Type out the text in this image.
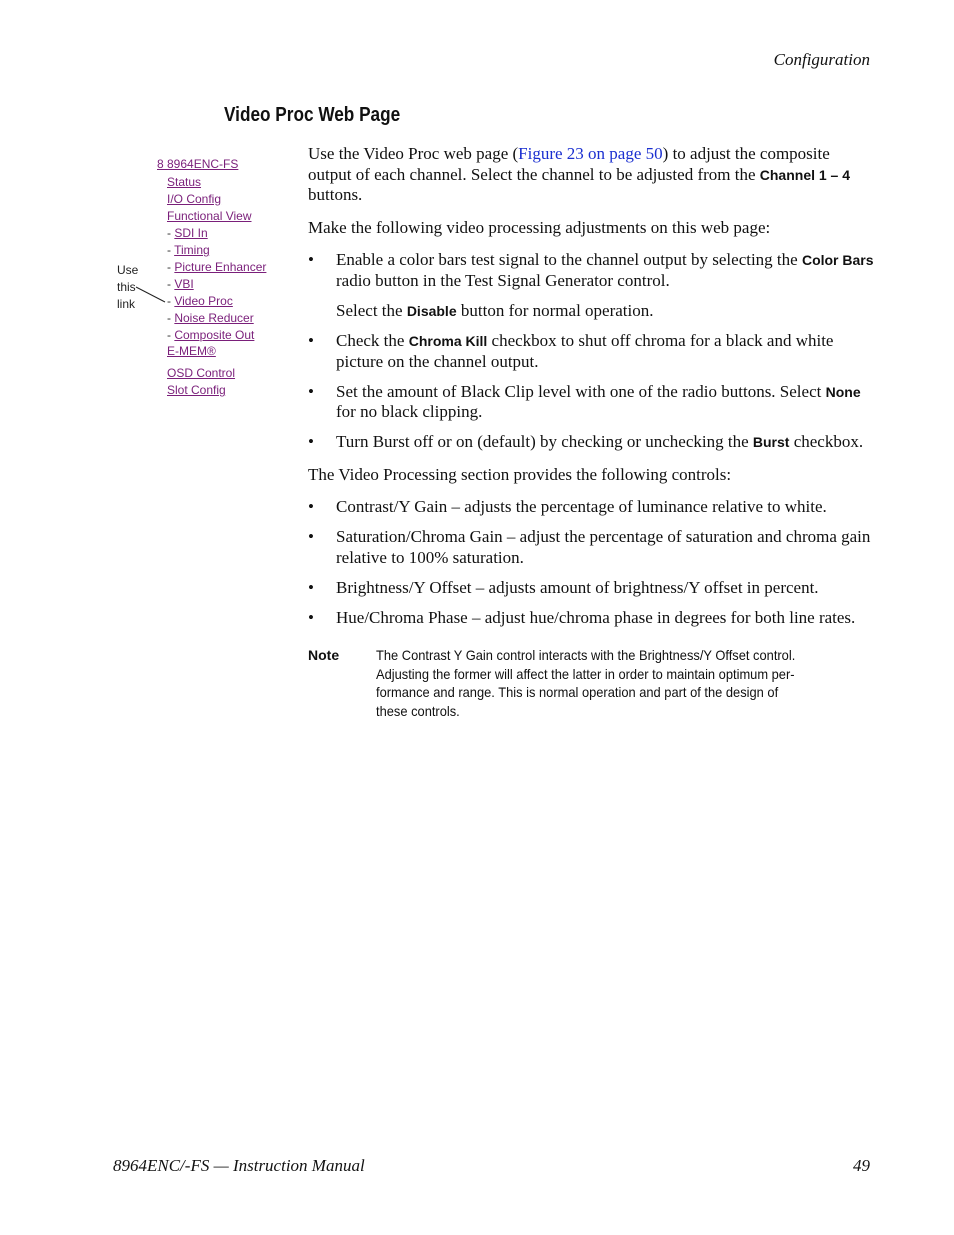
Configuration
Video Proc Web Page
8 8964ENC-FS
Status
I/O Config
Functional View
- SDI In
- Timing
- Picture Enhancer
- VBI
- Video Proc
- Noise Reducer
- Composite Out
E-MEM®
OSD Control
Slot Config
Use
this
link

Use the Video Proc web page (Figure 23 on page 50) to adjust the composite output of each channel. Select the channel to be adjusted from the Channel 1 – 4 buttons.

Make the following video processing adjustments on this web page:

• Enable a color bars test signal to the channel output by selecting the Color Bars radio button in the Test Signal Generator control.
Select the Disable button for normal operation.
• Check the Chroma Kill checkbox to shut off chroma for a black and white picture on the channel output.
• Set the amount of Black Clip level with one of the radio buttons. Select None for no black clipping.
• Turn Burst off or on (default) by checking or unchecking the Burst checkbox.

The Video Processing section provides the following controls:

• Contrast/Y Gain – adjusts the percentage of luminance relative to white.
• Saturation/Chroma Gain – adjust the percentage of saturation and chroma gain relative to 100% saturation.
• Brightness/Y Offset – adjusts amount of brightness/Y offset in percent.
• Hue/Chroma Phase – adjust hue/chroma phase in degrees for both line rates.
Note	The Contrast Y Gain control interacts with the Brightness/Y Offset control. Adjusting the former will affect the latter in order to maintain optimum per-formance and range. This is normal operation and part of the design of these controls.
8964ENC/-FS — Instruction Manual	49
